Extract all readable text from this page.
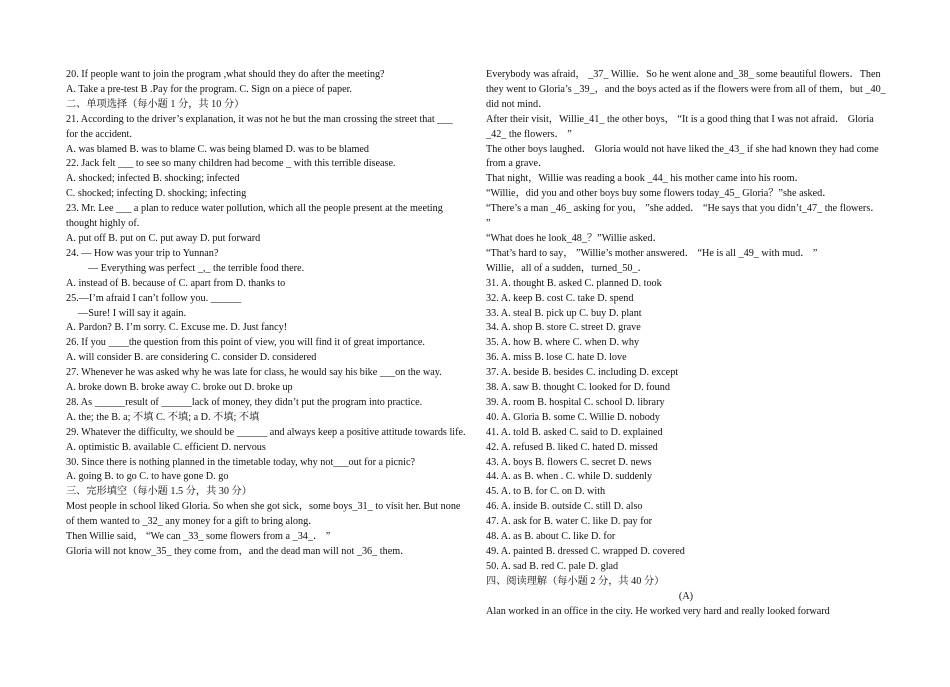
20. If people want to join the program ,what should they do after the meeting?
A. Take a pre-test B .Pay for the program. C. Sign on a piece of paper.
二、单项选择（每小题 1 分，共 10 分）
21. According to the driver’s explanation, it was not he but the man crossing the street that ___ for the accident.
A. was blamed B. was to blame C. was being blamed D. was to be blamed
22. Jack felt ___ to see so many children had become _ with this terrible disease.
A. shocked; infected B. shocking; infected
C. shocked; infecting D. shocking; infecting
23. Mr. Lee ___ a plan to reduce water pollution, which all the people present at the meeting thought highly of.
A. put off B. put on C. put away D. put forward
24. — How was your trip to Yunnan?
— Everything was perfect _,_ the terrible food there.
A. instead of B. because of C. apart from D. thanks to
25.—I’m afraid I can’t follow you. ______
—Sure! I will say it again.
A. Pardon? B. I’m sorry. C. Excuse me. D. Just fancy!
26. If you ____the question from this point of view, you will find it of great importance.
A. will consider B. are considering C. consider D. considered
27. Whenever he was asked why he was late for class, he would say his bike ___on the way.
A. broke down B. broke away C. broke out D. broke up
28. As ______result of ______lack of money, they didn’t put the program into practice.
A. the; the B. a; 不填 C. 不填; a D. 不填; 不填
29. Whatever the difficulty, we should be ______ and always keep a positive attitude towards life.
A. optimistic B. available C. efficient D. nervous
30. Since there is nothing planned in the timetable today, why not___out for a picnic?
A. going B. to go C. to have gone D. go
三、完形填空（每小题 1.5 分，共 30 分）
Most people in school liked Gloria. So when she got sick，some boys_31_ to visit her. But none of them wanted to _32_ any money for a gift to bring along．
Then Willie said， “We can _33_ some flowers from a _34_． ”
Gloria will not know_35_ they come from，and the dead man will not _36_ them．
Everybody was afraid， _37_ Willie．So he went alone and_38_ some beautiful flowers．Then they went to Gloria’s _39_，and the boys acted as if the flowers were from all of them，but _40_ did not mind．
After their visit，Willie_41_ the other boys， “It is a good thing that I was not afraid． Gloria _42_ the flowers． ”
The other boys laughed． Gloria would not have liked the_43_ if she had known they had come from a grave．
That night，Willie was reading a book _44_ his mother came into his room．
“Willie，did you and other boys buy some flowers today_45_ Gloria？”she asked．
“There’s a man _46_ asking for you， ”she added． “He says that you didn’t_47_ the flowers． ”
“What does he look_48_？”Willie asked．
“That’s hard to say， ”Willie’s mother answered． “He is all _49_ with mud． ”
Willie，all of a sudden，turned_50_．
31. A. thought B. asked C. planned D. took
32. A. keep B. cost C. take D. spend
33. A. steal B. pick up C. buy D. plant
34. A. shop B. store C. street D. grave
35. A. how B. where C. when D. why
36. A. miss B. lose C. hate D. love
37. A. beside B. besides C. including D. except
38. A. saw B. thought C. looked for D. found
39. A. room B. hospital C. school D. library
40. A. Gloria B. some C. Willie D. nobody
41. A. told B. asked C. said to D. explained
42. A. refused B. liked C. hated D. missed
43. A. boys B. flowers C. secret D. news
44. A. as B. when . C. while D. suddenly
45. A. to B. for C. on D. with
46. A. inside B. outside C. still D. also
47. A. ask for B. water C. like D. pay for
48. A. as B. about C. like D. for
49. A. painted B. dressed C. wrapped D. covered
50. A. sad B. red C. pale D. glad
四、阅读理解（每小题 2 分，共 40 分）
(A)
Alan worked in an office in the city. He worked very hard and really looked forward
